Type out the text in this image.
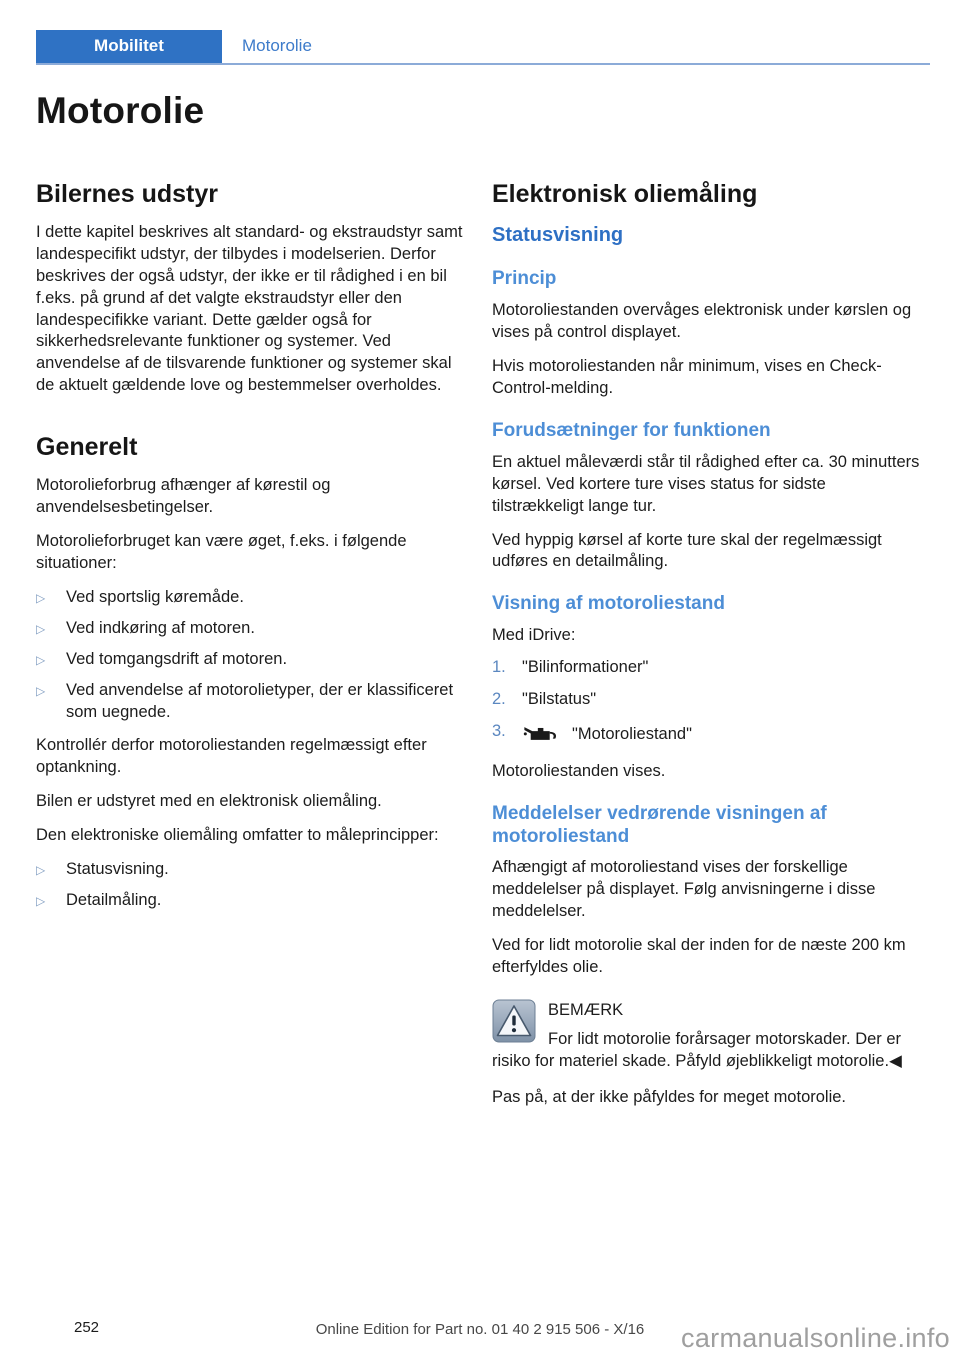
Mobilitet	Motorolie
Motorolie
Bilernes udstyr

I dette kapitel beskrives alt standard- og ekstraudstyr samt landespecifikt udstyr, der tilbydes i modelserien. Derfor beskrives der også udstyr, der ikke er til rådighed i en bil f.eks. på grund af det valgte ekstraudstyr eller den landespecifikke variant. Dette gælder også for sikkerhedsrelevante funktioner og systemer. Ved anvendelse af de tilsvarende funktioner og systemer skal de aktuelt gældende love og bestemmelser overholdes.

Generelt

Motorolieforbrug afhænger af kørestil og anvendelsesbetingelser.

Motorolieforbruget kan være øget, f.eks. i følgende situationer:

▷	Ved sportslig køremåde.
▷	Ved indkøring af motoren.
▷	Ved tomgangsdrift af motoren.
▷	Ved anvendelse af motorolietyper, der er klassificeret som uegnede.

Kontrollér derfor motoroliestanden regelmæssigt efter optankning.

Bilen er udstyret med en elektronisk oliemåling.

Den elektroniske oliemåling omfatter to måleprincipper:

▷	Statusvisning.
▷	Detailmåling.
Elektronisk oliemåling
Statusvisning
Princip

Motoroliestanden overvåges elektronisk under kørslen og vises på control displayet.

Hvis motoroliestanden når minimum, vises en Check-Control-melding.

Forudsætninger for funktionen

En aktuel måleværdi står til rådighed efter ca. 30 minutters kørsel. Ved kortere ture vises status for sidste tilstrækkeligt lange tur.

Ved hyppig kørsel af korte ture skal der regelmæssigt udføres en detailmåling.

Visning af motoroliestand

Med iDrive:

1. "Bilinformationer"
2. "Bilstatus"
3.	"Motoroliestand"

Motoroliestanden vises.

Meddelelser vedrørende visningen af motoroliestand

Afhængigt af motoroliestand vises der forskellige meddelelser på displayet. Følg anvisningerne i disse meddelelser.

Ved for lidt motorolie skal der inden for de næste 200 km efterfyldes olie.

BEMÆRK
For lidt motorolie forårsager motorskader. Der er risiko for materiel skade. Påfyld øjeblikkeligt motorolie.◀

Pas på, at der ikke påfyldes for meget motorolie.

252	Online Edition for Part no. 01 40 2 915 506 - X/16	carmanualsonline.info
